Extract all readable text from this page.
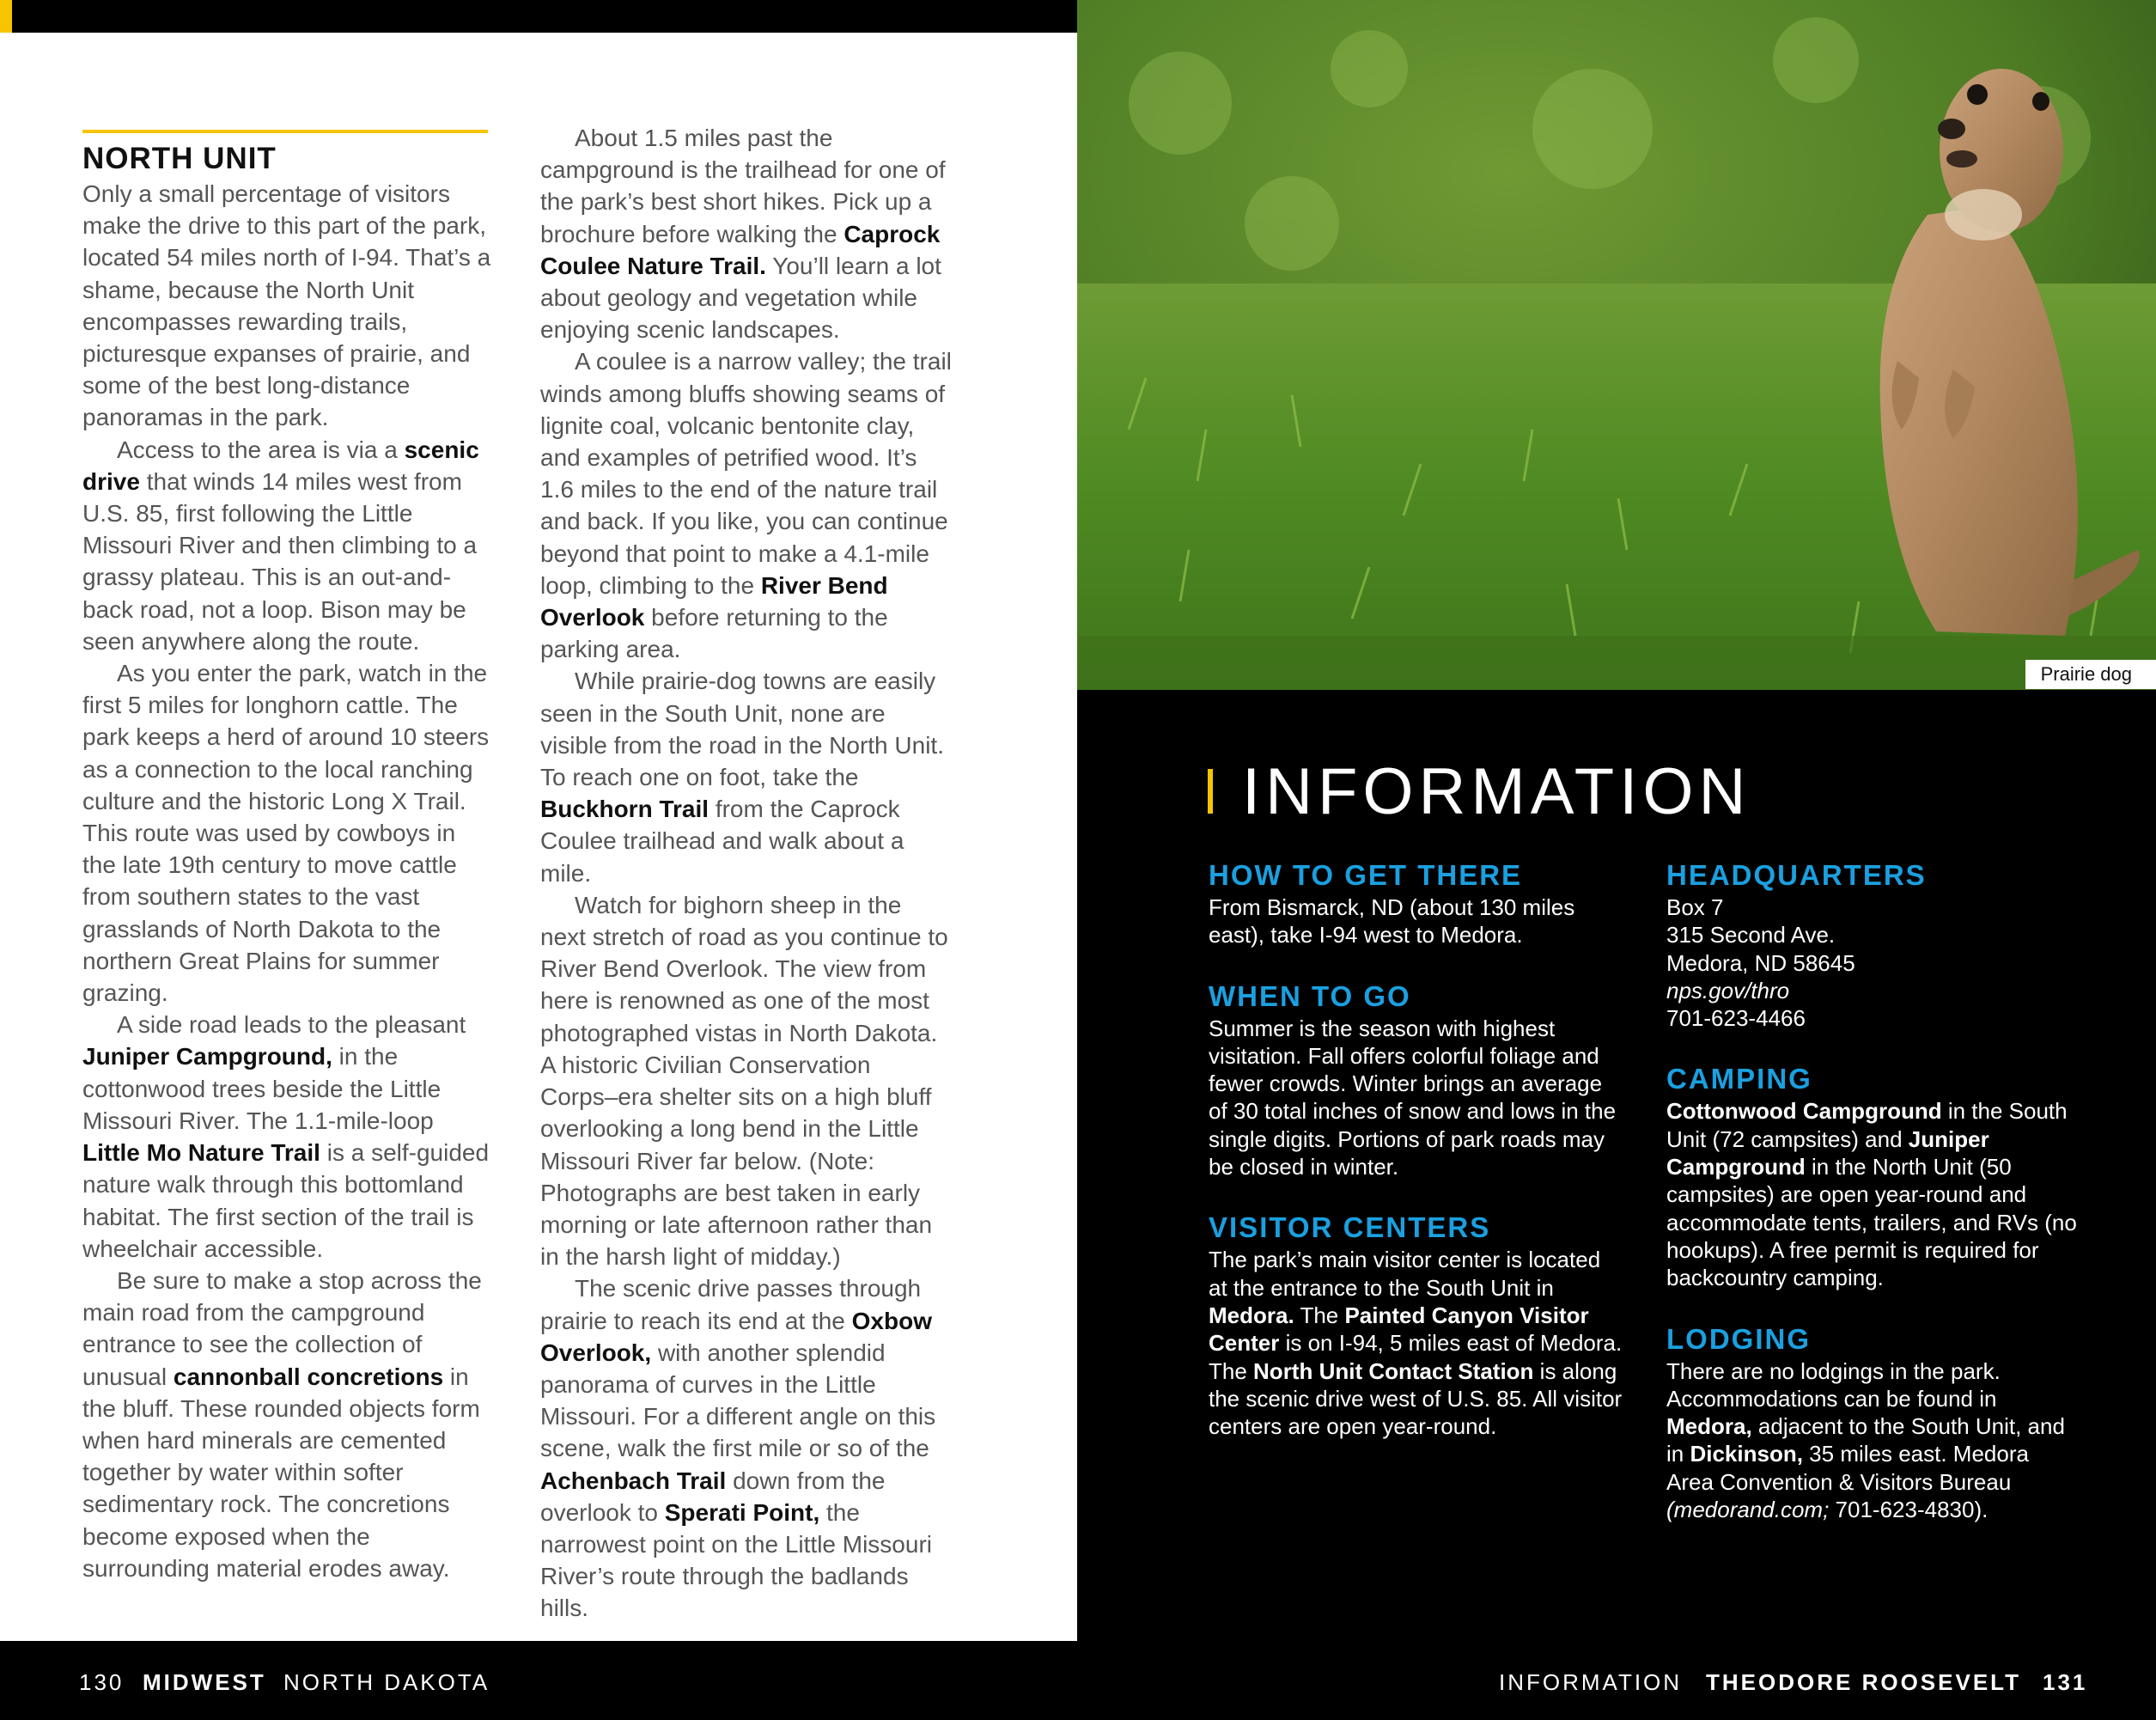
NORTH UNIT

Only a small percentage of visitors make the drive to this part of the park, located 54 miles north of I-94. That’s a shame, because the North Unit encompasses rewarding trails, picturesque expanses of prairie, and some of the best long-distance panoramas in the park.

Access to the area is via a scenic drive that winds 14 miles west from U.S. 85, first following the Little Missouri River and then climbing to a grassy plateau. This is an out-and-back road, not a loop. Bison may be seen anywhere along the route.

As you enter the park, watch in the first 5 miles for longhorn cattle. The park keeps a herd of around 10 steers as a connection to the local ranching culture and the historic Long X Trail. This route was used by cowboys in the late 19th century to move cattle from southern states to the vast grasslands of North Dakota to the northern Great Plains for summer grazing.

A side road leads to the pleasant Juniper Campground, in the cottonwood trees beside the Little Missouri River. The 1.1-mile-loop Little Mo Nature Trail is a self-guided nature walk through this bottomland habitat. The first section of the trail is wheelchair accessible.

Be sure to make a stop across the main road from the campground entrance to see the collection of unusual cannonball concretions in the bluff. These rounded objects form when hard minerals are cemented together by water within softer sedimentary rock. The concretions become exposed when the surrounding material erodes away.

About 1.5 miles past the campground is the trailhead for one of the park’s best short hikes. Pick up a brochure before walking the Caprock Coulee Nature Trail. You’ll learn a lot about geology and vegetation while enjoying scenic landscapes.

A coulee is a narrow valley; the trail winds among bluffs showing seams of lignite coal, volcanic bentonite clay, and examples of petrified wood. It’s 1.6 miles to the end of the nature trail and back. If you like, you can continue beyond that point to make a 4.1-mile loop, climbing to the River Bend Overlook before returning to the parking area.

While prairie-dog towns are easily seen in the South Unit, none are visible from the road in the North Unit. To reach one on foot, take the Buckhorn Trail from the Caprock Coulee trailhead and walk about a mile.

Watch for bighorn sheep in the next stretch of road as you continue to River Bend Overlook. The view from here is renowned as one of the most photographed vistas in North Dakota. A historic Civilian Conservation Corps–era shelter sits on a high bluff overlooking a long bend in the Little Missouri River far below. (Note: Photographs are best taken in early morning or late afternoon rather than in the harsh light of midday.)

The scenic drive passes through prairie to reach its end at the Oxbow Overlook, with another splendid panorama of curves in the Little Missouri. For a different angle on this scene, walk the first mile or so of the Achenbach Trail down from the overlook to Sperati Point, the narrowest point on the Little Missouri River’s route through the badlands hills.

130 MIDWEST NORTH DAKOTA
Prairie dog
INFORMATION
HOW TO GET THERE

From Bismarck, ND (about 130 miles east), take I-94 west to Medora.

WHEN TO GO

Summer is the season with highest visitation. Fall offers colorful foliage and fewer crowds. Winter brings an average of 30 total inches of snow and lows in the single digits. Portions of park roads may be closed in winter.

VISITOR CENTERS

The park’s main visitor center is located at the entrance to the South Unit in Medora. The Painted Canyon Visitor Center is on I-94, 5 miles east of Medora. The North Unit Contact Station is along the scenic drive west of U.S. 85. All visitor centers are open year-round.

HEADQUARTERS

Box 7

315 Second Ave.

Medora, ND 58645

nps.gov/thro

701-623-4466

CAMPING

Cottonwood Campground in the South Unit (72 campsites) and Juniper Campground in the North Unit (50 campsites) are open year-round and accommodate tents, trailers, and RVs (no hookups). A free permit is required for backcountry camping.

LODGING

There are no lodgings in the park. Accommodations can be found in Medora, adjacent to the South Unit, and in Dickinson, 35 miles east. Medora Area Convention & Visitors Bureau (medorand.com; 701-623-4830).

INFORMATION THEODORE ROOSEVELT 131
